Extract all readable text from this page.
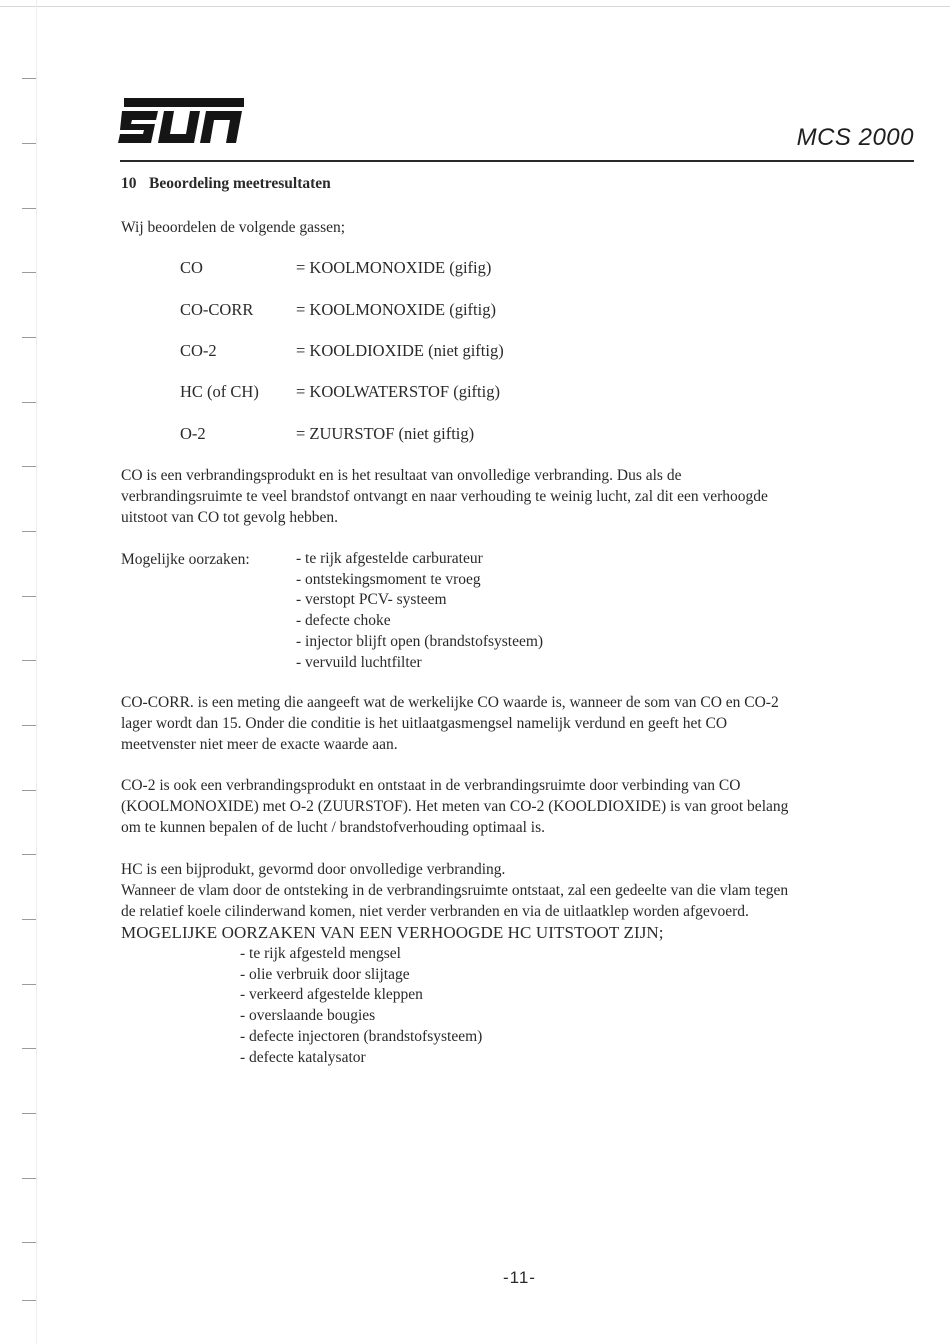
MCS 2000
10 Beoordeling meetresultaten

Wij beoordelen de volgende gassen;

CO	= KOOLMONOXIDE (gifig)
CO-CORR	= KOOLMONOXIDE (giftig)
CO-2	= KOOLDIOXIDE (niet giftig)
HC (of CH) = KOOLWATERSTOF (giftig)
O-2	= ZUURSTOF (niet giftig)

CO is een verbrandingsprodukt en is het resultaat van onvolledige verbranding. Dus als de
verbrandingsruimte te veel brandstof ontvangt en naar verhouding te weinig lucht, zal dit een verhoogde
uitstoot van CO tot gevolg hebben.

Mogelijke oorzaken:
-	te rijk afgestelde carburateur
- ontstekingsmoment te vroeg
- verstopt PCV- systeem
- defecte choke
- injector blijft open (brandstofsysteem)
- vervuild luchtfilter

CO-CORR. is een meting die aangeeft wat de werkelijke CO waarde is, wanneer de som van CO en CO-2
lager wordt dan 15. Onder die conditie is het uitlaatgasmengsel namelijk verdund en geeft het CO
meetvenster niet meer de exacte waarde aan.

CO-2 is ook een verbrandingsprodukt en ontstaat in de verbrandingsruimte door verbinding van CO
(KOOLMONOXIDE) met O-2 (ZUURSTOF). Het meten van CO-2 (KOOLDIOXIDE) is van groot belang
om te kunnen bepalen of de lucht / brandstofverhouding optimaal is.

HC is een bijprodukt, gevormd door onvolledige verbranding.
Wanneer de vlam door de ontsteking in de verbrandingsruimte ontstaat, zal een gedeelte van die vlam tegen
de relatief koele cilinderwand komen, niet verder verbranden en via de uitlaatklep worden afgevoerd.

MOGELIJKE OORZAKEN VAN EEN VERHOOGDE HC UITSTOOT ZIJN;
- te rijk afgesteld mengsel
- olie verbruik door slijtage
- verkeerd afgestelde kleppen
- overslaande bougies
- defecte injectoren (brandstofsysteem)
- defecte katalysator
-11-
